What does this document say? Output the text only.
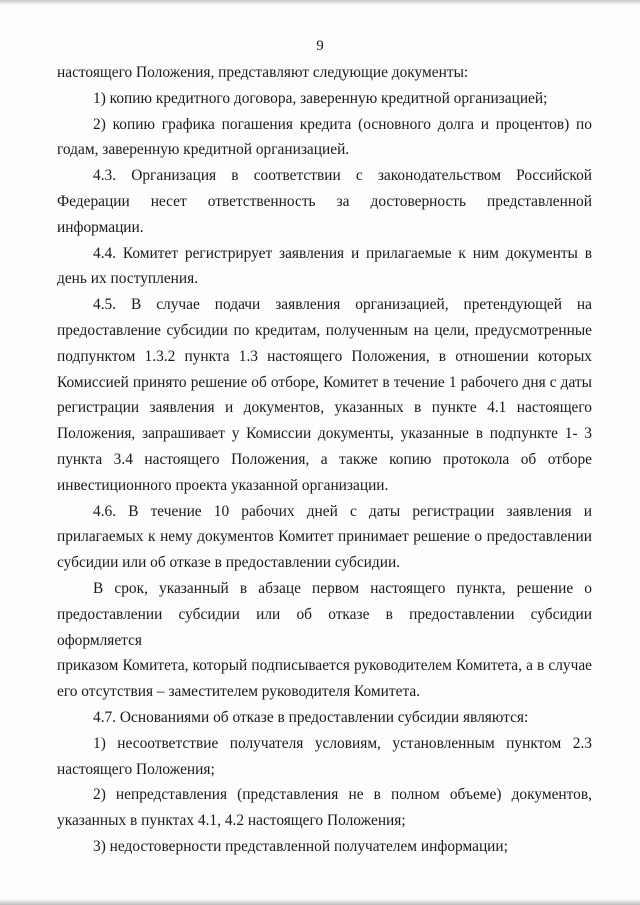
9
настоящего Положения, представляют следующие документы:
1) копию кредитного договора, заверенную кредитной организацией;
2) копию графика погашения кредита (основного долга и процентов) по
годам, заверенную кредитной организацией.
4.3. Организация в соответствии с законодательством Российской
Федерации несет ответственность за достоверность представленной
информации.
4.4. Комитет регистрирует заявления и прилагаемые к ним документы в
день их поступления.
4.5. В случае подачи заявления организацией, претендующей на
предоставление субсидии по кредитам, полученным на цели, предусмотренные
подпунктом 1.3.2 пункта 1.3 настоящего Положения, в отношении которых
Комиссией принято решение об отборе, Комитет в течение 1 рабочего дня с даты
регистрации заявления и документов, указанных в пункте 4.1 настоящего
Положения, запрашивает у Комиссии документы, указанные в подпункте 1- 3
пункта 3.4 настоящего Положения, а также копию протокола об отборе
инвестиционного проекта указанной организации.
4.6. В течение 10 рабочих дней с даты регистрации заявления и
прилагаемых к нему документов Комитет принимает решение о предоставлении
субсидии или об отказе в предоставлении субсидии.
В срок, указанный в абзаце первом настоящего пункта, решение о
предоставлении субсидии или об отказе в предоставлении субсидии оформляется
приказом Комитета, который подписывается руководителем Комитета, а в случае
его отсутствия – заместителем руководителя Комитета.
4.7. Основаниями об отказе в предоставлении субсидии являются:
1) несоответствие получателя условиям, установленным пунктом 2.3
настоящего Положения;
2) непредставления (представления не в полном объеме) документов,
указанных в пунктах 4.1, 4.2 настоящего Положения;
3) недостоверности представленной получателем информации;
